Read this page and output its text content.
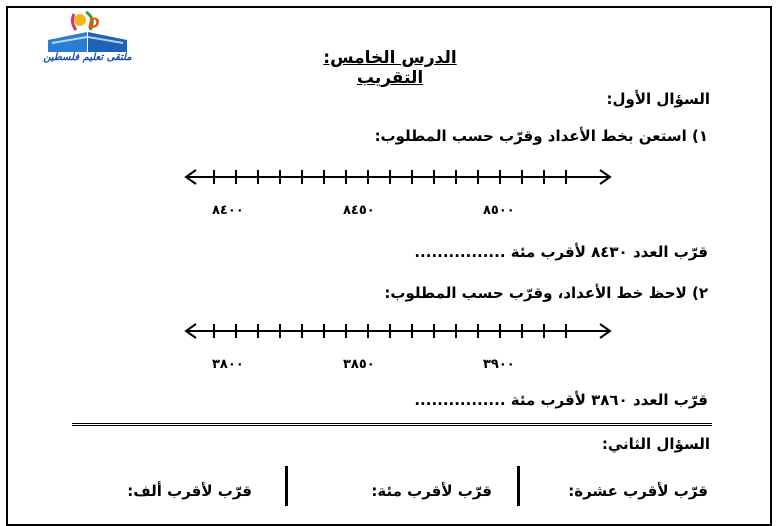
D
ملتقى تعليم فلسطين	الدرس الخامس: التقريب
السؤال الأول:
١) استعن بخط الأعداد وقرّب حسب المطلوب:
٨٤٠٠	٨٤٥٠	٨٥٠٠
قرّب العدد ٨٤٣٠ لأقرب مئة ................
٢) لاحظ خط الأعداد، وقرّب حسب المطلوب:
٣٨٠٠	٣٨٥٠	٣٩٠٠
قرّب العدد ٣٨٦٠ لأقرب مئة ................
السؤال الثاني:
قرّب لأقرب عشرة:
قرّب لأقرب مئة:
قرّب لأقرب ألف:
